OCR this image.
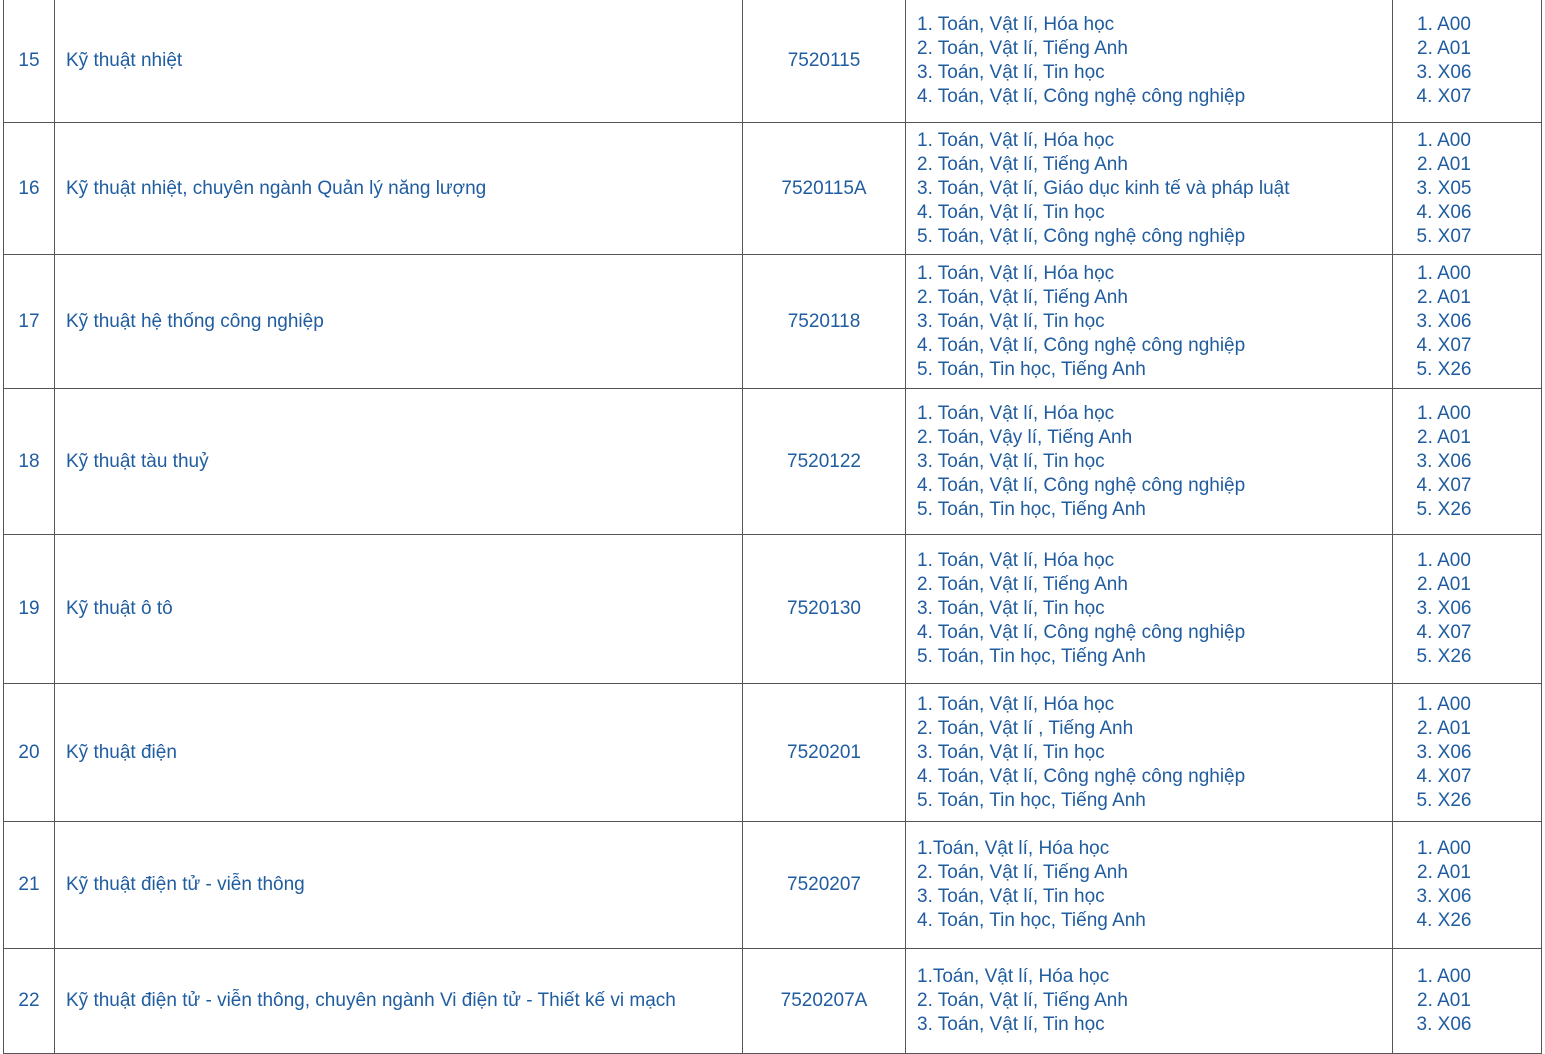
15	Kỹ thuật nhiệt	7520115	1. Toán, Vật lí, Hóa học
2. Toán, Vật lí, Tiếng Anh
3. Toán, Vật lí, Tin học
4. Toán, Vật lí, Công nghệ công nghiệp	1. A00
2. A01
3. X06
4. X07

16	Kỹ thuật nhiệt, chuyên ngành Quản lý năng lượng	7520115A	1. Toán, Vật lí, Hóa học
2. Toán, Vật lí, Tiếng Anh
3. Toán, Vật lí, Giáo dục kinh tế và pháp luật
4. Toán, Vật lí, Tin học
5. Toán, Vật lí, Công nghệ công nghiệp	1. A00
2. A01
3. X05
4. X06
5. X07

17	Kỹ thuật hệ thống công nghiệp	7520118	1. Toán, Vật lí, Hóa học
2. Toán, Vật lí, Tiếng Anh
3. Toán, Vật lí, Tin học
4. Toán, Vật lí, Công nghệ công nghiệp
5. Toán, Tin học, Tiếng Anh	1. A00
2. A01
3. X06
4. X07
5. X26

18	Kỹ thuật tàu thuỷ	7520122	1. Toán, Vật lí, Hóa học
2. Toán, Vậy lí, Tiếng Anh
3. Toán, Vật lí, Tin học
4. Toán, Vật lí, Công nghệ công nghiệp
5. Toán, Tin học, Tiếng Anh	1. A00
2. A01
3. X06
4. X07
5. X26

19	Kỹ thuật ô tô	7520130	1. Toán, Vật lí, Hóa học
2. Toán, Vật lí, Tiếng Anh
3. Toán, Vật lí, Tin học
4. Toán, Vật lí, Công nghệ công nghiệp
5. Toán, Tin học, Tiếng Anh	1. A00
2. A01
3. X06
4. X07
5. X26

20	Kỹ thuật điện	7520201	1. Toán, Vật lí, Hóa học
2. Toán, Vật lí , Tiếng Anh
3. Toán, Vật lí, Tin học
4. Toán, Vật lí, Công nghệ công nghiệp
5. Toán, Tin học, Tiếng Anh	1. A00
2. A01
3. X06
4. X07
5. X26

21	Kỹ thuật điện tử - viễn thông	7520207	1.Toán, Vật lí, Hóa học
2. Toán, Vật lí, Tiếng Anh
3. Toán, Vật lí, Tin học
4. Toán, Tin học, Tiếng Anh	1. A00
2. A01
3. X06
4. X26

22	Kỹ thuật điện tử - viễn thông, chuyên ngành Vi điện tử - Thiết kế vi mạch	7520207A	1.Toán, Vật lí, Hóa học
2. Toán, Vật lí, Tiếng Anh
3. Toán, Vật lí, Tin học	1. A00
2. A01
3. X06
